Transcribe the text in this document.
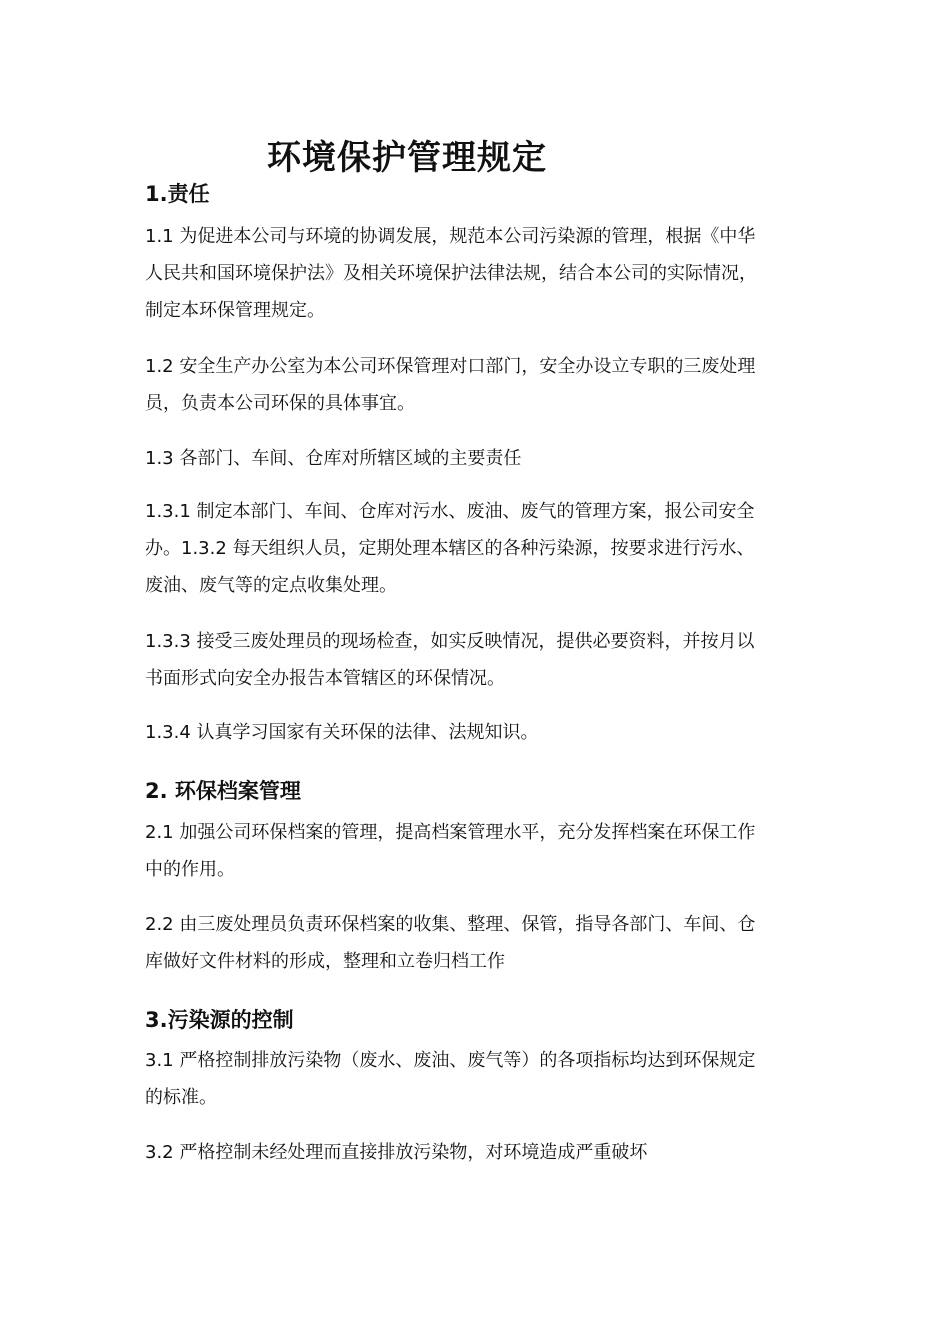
环境保护管理规定
1.责任

1.1 为促进本公司与环境的协调发展，规范本公司污染源的管理，根据《中华
人民共和国环境保护法》及相关环境保护法律法规，结合本公司的实际情况，
制定本环保管理规定。

1.2 安全生产办公室为本公司环保管理对口部门，安全办设立专职的三废处理
员，负责本公司环保的具体事宜。

1.3 各部门、车间、仓库对所辖区域的主要责任

1.3.1 制定本部门、车间、仓库对污水、废油、废气的管理方案，报公司安全
办。1.3.2 每天组织人员，定期处理本辖区的各种污染源，按要求进行污水、
废油、废气等的定点收集处理。

1.3.3 接受三废处理员的现场检查，如实反映情况，提供必要资料，并按月以
书面形式向安全办报告本管辖区的环保情况。

1.3.4 认真学习国家有关环保的法律、法规知识。

2. 环保档案管理

2.1 加强公司环保档案的管理，提高档案管理水平，充分发挥档案在环保工作
中的作用。

2.2 由三废处理员负责环保档案的收集、整理、保管，指导各部门、车间、仓
库做好文件材料的形成，整理和立卷归档工作

3.污染源的控制

3.1 严格控制排放污染物（废水、废油、废气等）的各项指标均达到环保规定
的标准。

3.2 严格控制未经处理而直接排放污染物，对环境造成严重破坏
